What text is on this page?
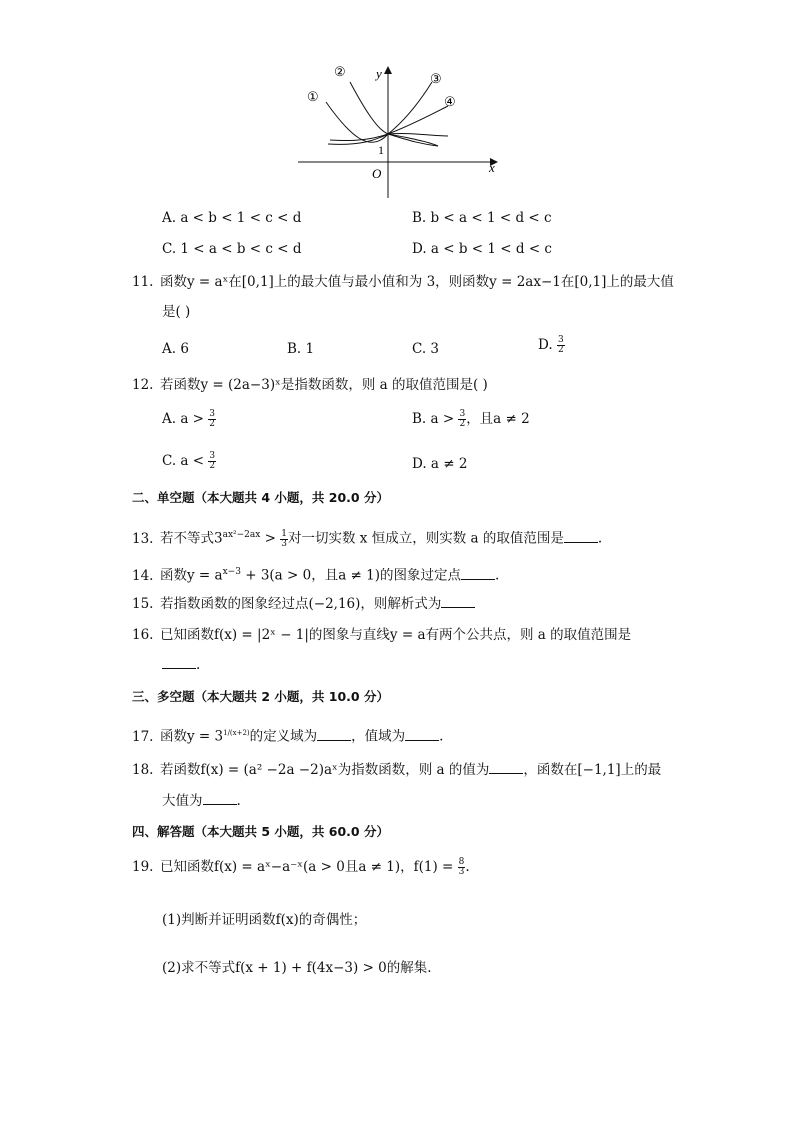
①
②	③
④
y
x
O
1
A. a < b < 1 < c < d	B. b < a < 1 < d < c
C. 1 < a < b < c < d	D. a < b < 1 < d < c
11. 函数y = aˣ在[0,1]上的最大值与最小值和为 3，则函数y = 2ax−1在[0,1]上的最大值
是( )
A. 6	B. 1	C. 3	D. $\frac{3}{2}$
12. 若函数y = (2a−3)ˣ是指数函数，则 a 的取值范围是( )
A. $a > \frac{3}{2}$	B. $a > \frac{3}{2}$ ，且a ≠ 2
C. $a < \frac{3}{2}$	D. a ≠ 2
二、单空题（本大题共 4 小题，共 20.0 分）
13. 若不等式$3^{ax^2-2ax} > \frac{1}{3}$ 对一切实数 x 恒成立，则实数 a 的取值范围是	.
14. 函数$y = a^{x-3} + 3(a > 0$，且a ≠ 1)的图象过定点	.
15. 若指数函数的图象经过点(−2,16)，则解析式为
16. 已知函数f(x) = |2ˣ − 1|的图象与直线y = a有两个公共点，则 a 的取值范围是
.
三、多空题（本大题共 2 小题，共 10.0 分）
17. 函数$y = 3^{1/(x+2)}$的定义域为	，值域为	.
18. 若函数f(x) = (a² −2a −2)aˣ为指数函数，则 a 的值为	，函数在[−1,1]上的最
大值为	.
四、解答题（本大题共 5 小题，共 60.0 分）
19. 已知函数f(x) = aˣ−a⁻ˣ(a > 0且a ≠ 1)，$f(1) = \frac{8}{3}$ .
(1)判断并证明函数f(x)的奇偶性；
(2)求不等式f(x + 1) + f(4x−3) > 0的解集.
